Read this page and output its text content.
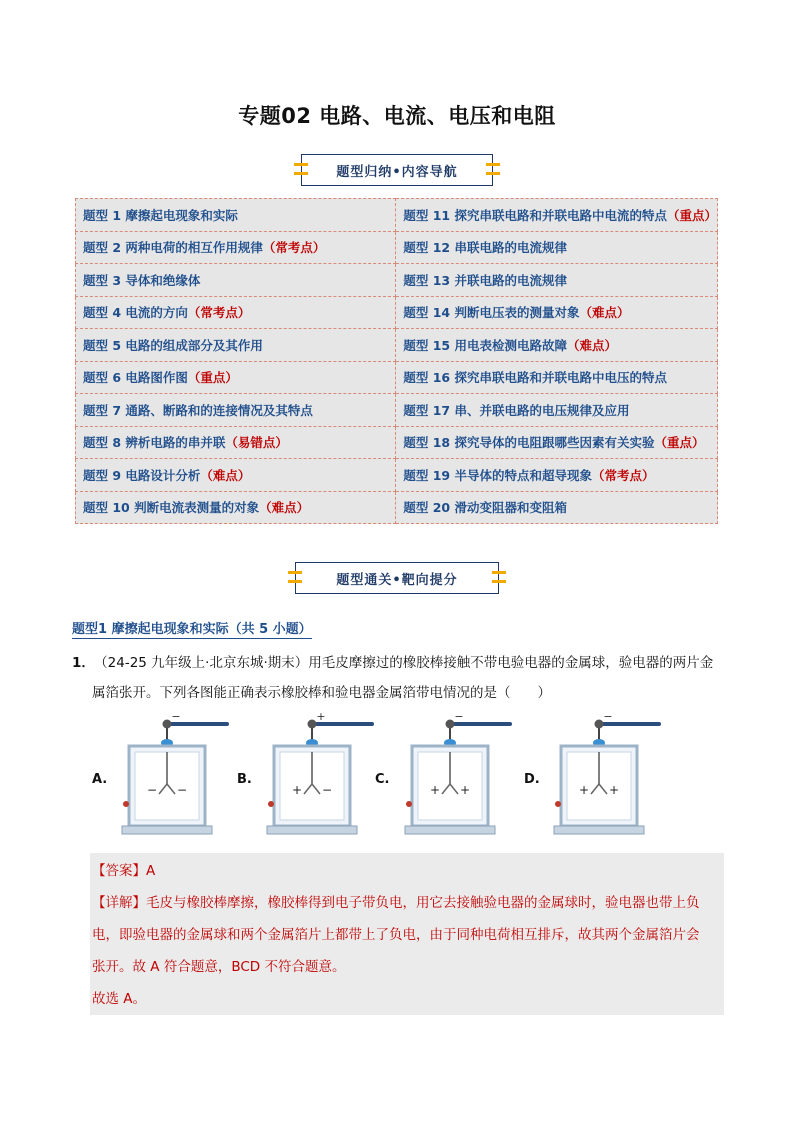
专题02 电路、电流、电压和电阻
题型归纳•内容导航
题型 1 摩擦起电现象和实际	题型 11 探究串联电路和并联电路中电流的特点（重点）
题型 2 两种电荷的相互作用规律（常考点）	题型 12 串联电路的电流规律
题型 3 导体和绝缘体	题型 13 并联电路的电流规律
题型 4 电流的方向（常考点）	题型 14 判断电压表的测量对象（难点）
题型 5 电路的组成部分及其作用	题型 15 用电表检测电路故障（难点）
题型 6 电路图作图（重点）	题型 16 探究串联电路和并联电路中电压的特点
题型 7 通路、断路和的连接情况及其特点	题型 17 串、并联电路的电压规律及应用
题型 8 辨析电路的串并联（易错点）	题型 18 探究导体的电阻跟哪些因素有关实验（重点）
题型 9 电路设计分析（难点）	题型 19 半导体的特点和超导现象（常考点）
题型 10 判断电流表测量的对象（难点）	题型 20 滑动变阻器和变阻箱
题型通关•靶向提分
题型1 摩擦起电现象和实际（共 5 小题）
1． （24-25 九年级上·北京东城·期末）用毛皮摩擦过的橡胶棒接触不带电验电器的金属球，验电器的两片金
属箔张开。下列各图能正确表示橡胶棒和验电器金属箔带电情况的是（　　）
A.
−
− −
B.
+
+ −
C.
−
+ +
D.
−
+ +
【答案】A
【详解】毛皮与橡胶棒摩擦，橡胶棒得到电子带负电，用它去接触验电器的金属球时，验电器也带上负
电，即验电器的金属球和两个金属箔片上都带上了负电，由于同种电荷相互排斥，故其两个金属箔片会
张开。故 A 符合题意，BCD 不符合题意。
故选 A。
